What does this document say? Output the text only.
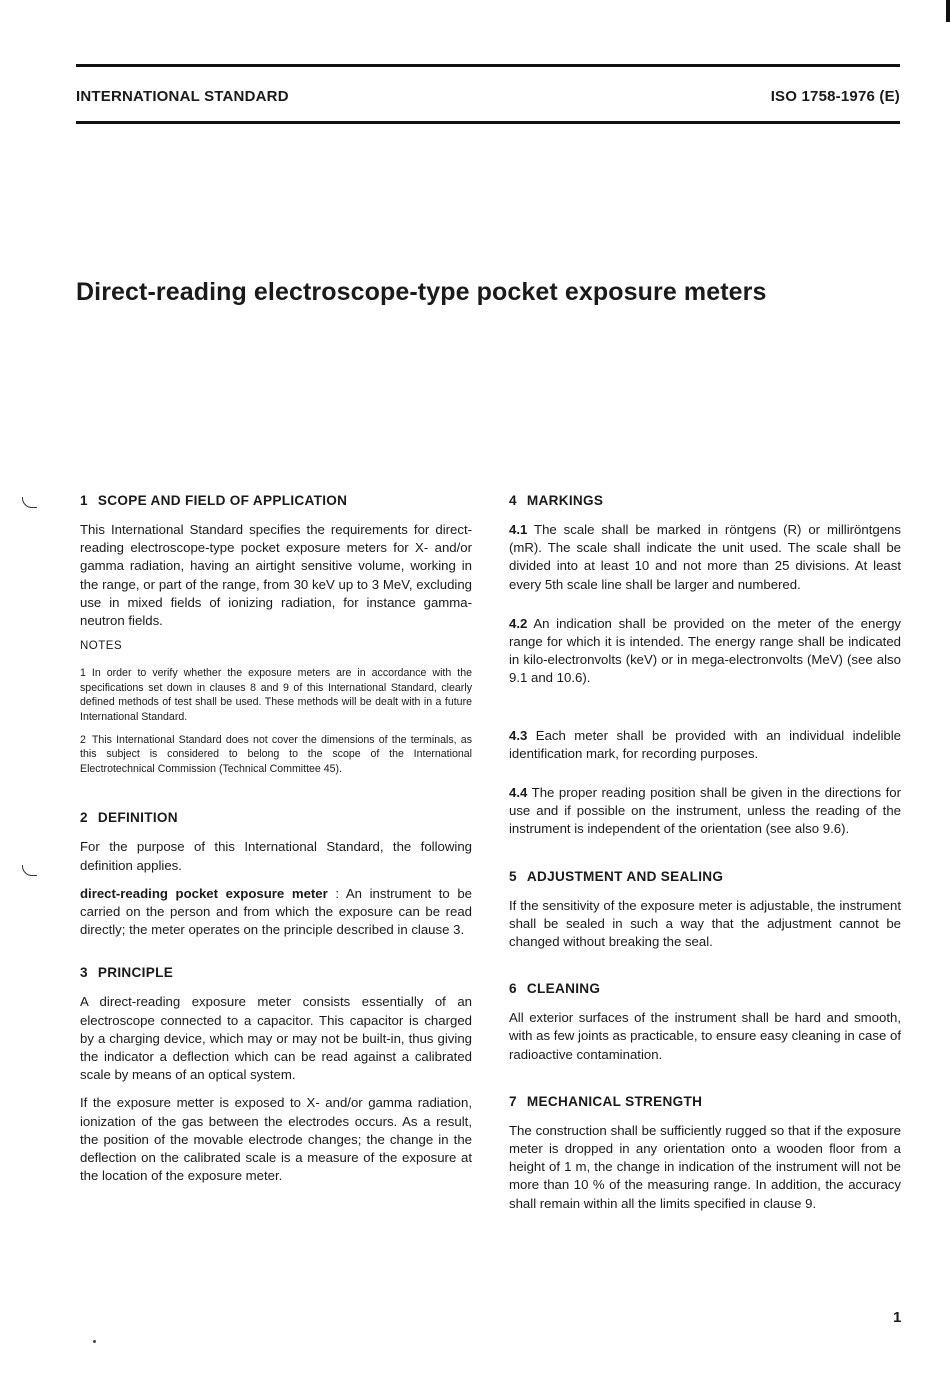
INTERNATIONAL STANDARD	ISO 1758-1976 (E)
Direct-reading electroscope-type pocket exposure meters
1 SCOPE AND FIELD OF APPLICATION

This International Standard specifies the requirements for direct-reading electroscope-type pocket exposure meters for X- and/or gamma radiation, having an airtight sensitive volume, working in the range, or part of the range, from 30 keV up to 3 MeV, excluding use in mixed fields of ionizing radiation, for instance gamma-neutron fields.

NOTES

1 In order to verify whether the exposure meters are in accordance with the specifications set down in clauses 8 and 9 of this International Standard, clearly defined methods of test shall be used. These methods will be dealt with in a future International Standard.

2 This International Standard does not cover the dimensions of the terminals, as this subject is considered to belong to the scope of the International Electrotechnical Commission (Technical Committee 45).

2 DEFINITION

For the purpose of this International Standard, the following definition applies.

direct-reading pocket exposure meter : An instrument to be carried on the person and from which the exposure can be read directly; the meter operates on the principle described in clause 3.

3 PRINCIPLE

A direct-reading exposure meter consists essentially of an electroscope connected to a capacitor. This capacitor is charged by a charging device, which may or may not be built-in, thus giving the indicator a deflection which can be read against a calibrated scale by means of an optical system.

If the exposure metter is exposed to X- and/or gamma radiation, ionization of the gas between the electrodes occurs. As a result, the position of the movable electrode changes; the change in the deflection on the calibrated scale is a measure of the exposure at the location of the exposure meter.

4 MARKINGS

4.1 The scale shall be marked in röntgens (R) or milliröntgens (mR). The scale shall indicate the unit used. The scale shall be divided into at least 10 and not more than 25 divisions. At least every 5th scale line shall be larger and numbered.

4.2 An indication shall be provided on the meter of the energy range for which it is intended. The energy range shall be indicated in kilo-electronvolts (keV) or in mega-electronvolts (MeV) (see also 9.1 and 10.6).

4.3 Each meter shall be provided with an individual indelible identification mark, for recording purposes.

4.4 The proper reading position shall be given in the directions for use and if possible on the instrument, unless the reading of the instrument is independent of the orientation (see also 9.6).

5 ADJUSTMENT AND SEALING

If the sensitivity of the exposure meter is adjustable, the instrument shall be sealed in such a way that the adjustment cannot be changed without breaking the seal.

6 CLEANING

All exterior surfaces of the instrument shall be hard and smooth, with as few joints as practicable, to ensure easy cleaning in case of radioactive contamination.

7 MECHANICAL STRENGTH

The construction shall be sufficiently rugged so that if the exposure meter is dropped in any orientation onto a wooden floor from a height of 1 m, the change in indication of the instrument will not be more than 10 % of the measuring range. In addition, the accuracy shall remain within all the limits specified in clause 9.

1
